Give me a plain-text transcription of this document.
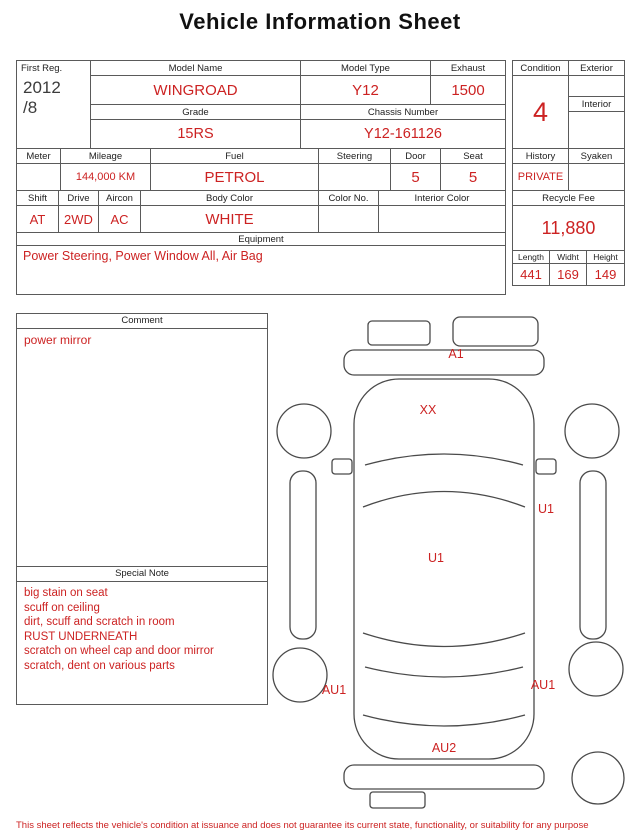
Vehicle Information Sheet
First Reg.
2012
/8	Model Name	Model Type	Exhaust
	WINGROAD	Y12	1500
	Grade	Chassis Number	
	15RS	Y12-161126	
Meter	Mileage	Fuel	Steering	Door	Seat
	144,000 KM	PETROL		5	5
Shift	Drive	Aircon	Body Color	Color No.	Interior Color
AT	2WD	AC	WHITE		
Equipment
Power Steering, Power Window All, Air Bag
Condition	Exterior
4	
	Interior

History	Syaken
PRIVATE	
Recycle Fee
11,880
Length	Widht	Height
441	169	149
Comment
power mirror
Special Note
big stain on seat
scuff on ceiling
dirt, scuff and scratch in room
RUST UNDERNEATH
scratch on wheel cap and door mirror
scratch, dent on various parts
A1
XX
U1
U1
AU1	AU1
AU2
This sheet reflects the vehicle's condition at issuance and does not guarantee its current state, functionality, or suitability for any purpose
